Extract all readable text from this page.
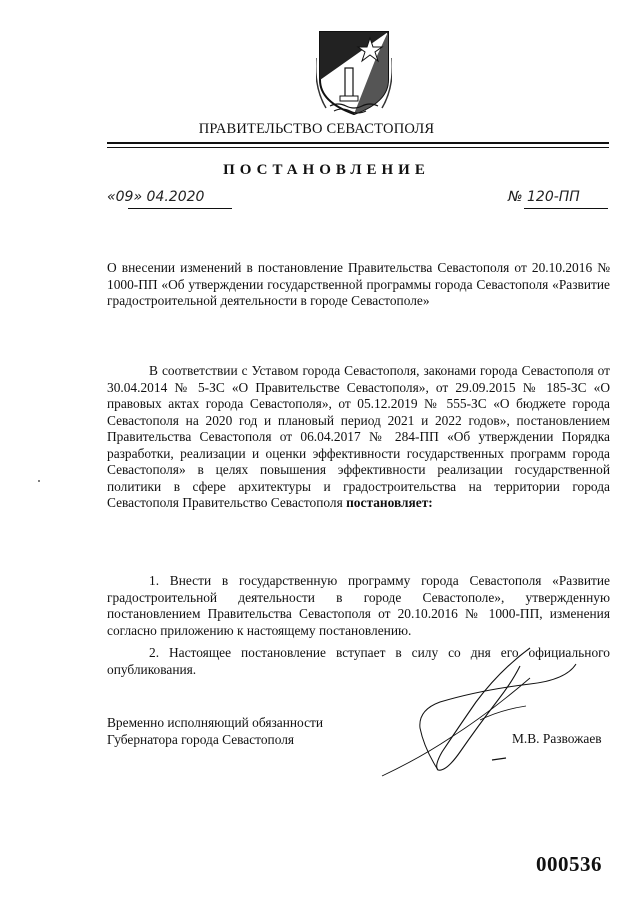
ПРАВИТЕЛЬСТВО СЕВАСТОПОЛЯ
ПОСТАНОВЛЕНИЕ
«09» 04.2020	№ 120-ПП
О внесении изменений в постановление Правительства Севастополя от 20.10.2016 № 1000-ПП «Об утверждении государственной программы города Севастополя «Развитие градостроительной деятельности в городе Севастополе»
В соответствии с Уставом города Севастополя, законами города Севастополя от 30.04.2014 № 5-ЗС «О Правительстве Севастополя», от 29.09.2015 № 185-ЗС «О правовых актах города Севастополя», от 05.12.2019 № 555-ЗС «О бюджете города Севастополя на 2020 год и плановый период 2021 и 2022 годов», постановлением Правительства Севастополя от 06.04.2017 № 284-ПП «Об утверждении Порядка разработки, реализации и оценки эффективности государственных программ города Севастополя» в целях повышения эффективности реализации государственной политики в сфере архитектуры и градостроительства на территории города Севастополя Правительство Севастополя постановляет:
1. Внести в государственную программу города Севастополя «Развитие градостроительной деятельности в городе Севастополе», утвержденную постановлением Правительства Севастополя от 20.10.2016 № 1000-ПП, изменения согласно приложению к настоящему постановлению.
2. Настоящее постановление вступает в силу со дня его официального опубликования.
Временно исполняющий обязанности
Губернатора города Севастополя	М.В. Развожаев
000536
